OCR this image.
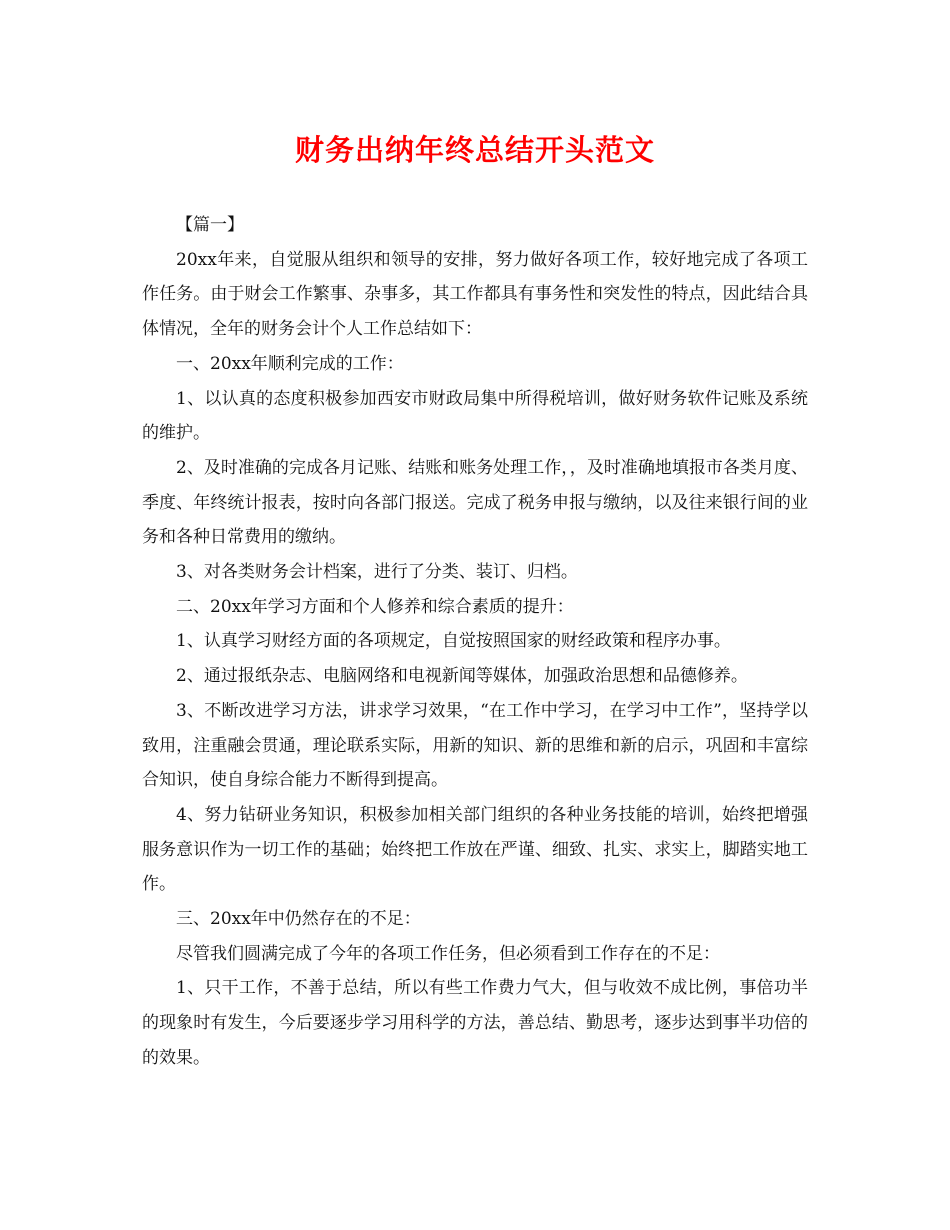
财务出纳年终总结开头范文

【篇一】

20xx年来，自觉服从组织和领导的安排，努力做好各项工作，较好地完成了各项工作任务。由于财会工作繁事、杂事多，其工作都具有事务性和突发性的特点，因此结合具体情况，全年的财务会计个人工作总结如下：

一、20xx年顺利完成的工作：

1、以认真的态度积极参加西安市财政局集中所得税培训，做好财务软件记账及系统的维护。

2、及时准确的完成各月记账、结账和账务处理工作，，及时准确地填报市各类月度、季度、年终统计报表，按时向各部门报送。完成了税务申报与缴纳，以及往来银行间的业务和各种日常费用的缴纳。

3、对各类财务会计档案，进行了分类、装订、归档。

二、20xx年学习方面和个人修养和综合素质的提升：

1、认真学习财经方面的各项规定，自觉按照国家的财经政策和程序办事。

2、通过报纸杂志、电脑网络和电视新闻等媒体，加强政治思想和品德修养。

3、不断改进学习方法，讲求学习效果，“在工作中学习，在学习中工作”，坚持学以致用，注重融会贯通，理论联系实际，用新的知识、新的思维和新的启示，巩固和丰富综合知识，使自身综合能力不断得到提高。

4、努力钻研业务知识，积极参加相关部门组织的各种业务技能的培训，始终把增强服务意识作为一切工作的基础；始终把工作放在严谨、细致、扎实、求实上，脚踏实地工作。

三、20xx年中仍然存在的不足：

尽管我们圆满完成了今年的各项工作任务，但必须看到工作存在的不足：

1、只干工作，不善于总结，所以有些工作费力气大，但与收效不成比例，事倍功半的现象时有发生，今后要逐步学习用科学的方法，善总结、勤思考，逐步达到事半功倍的的效果。
